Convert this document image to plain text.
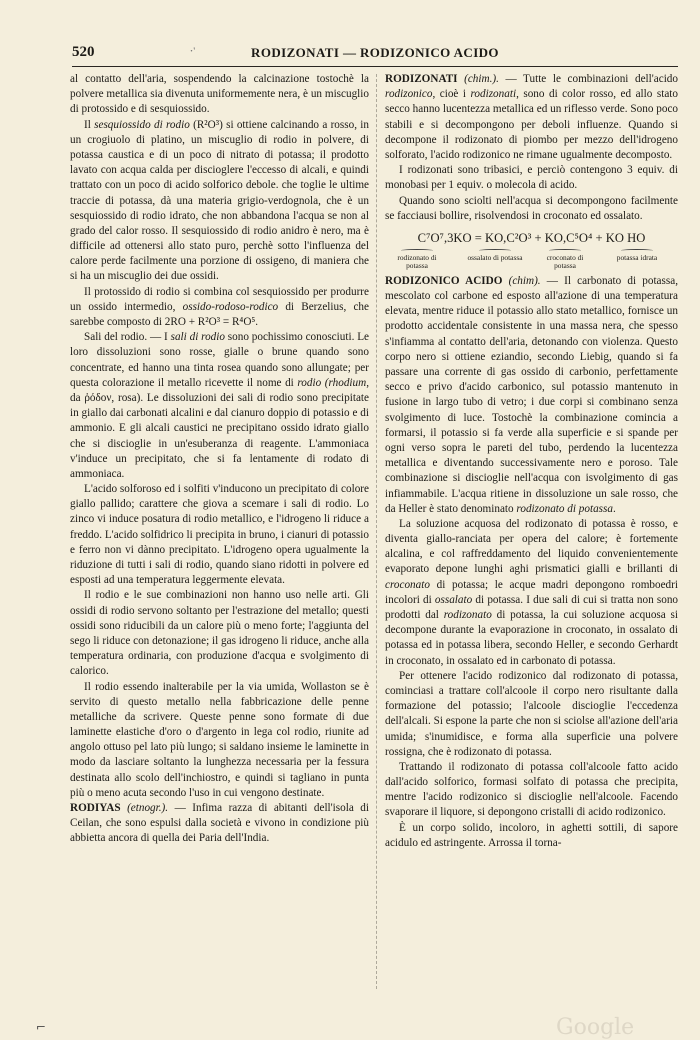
520	·'	RODIZONATI — RODIZONICO ACIDO

al contatto dell'aria, sospendendo la calcinazione tostochè la polvere metallica sia divenuta uniformemente nera, è un miscuglio di protossido e di sesquiossido.

Il sesquiossido di rodio (R²O³) si ottiene calcinando a rosso, in un crogiuolo di platino, un miscuglio di rodio in polvere, di potassa caustica e di un poco di nitrato di potassa; il prodotto lavato con acqua calda per discioglere l'eccesso di alcali, e quindi trattato con un poco di acido solforico debole. che toglie le ultime traccie di potassa, dà una materia grigio-verdognola, che è un sesquiossido di rodio idrato, che non abbandona l'acqua se non al grado del calor rosso. Il sesquiossido di rodio anidro è nero, ma è difficile ad ottenersi allo stato puro, perchè sotto l'influenza del calore perde facilmente una porzione di ossigeno, di maniera che si ha un miscuglio dei due ossidi.

Il protossido di rodio si combina col sesquiossido per produrre un ossido intermedio, ossido-rodoso-rodico di Berzelius, che sarebbe composto di 2RO + R²O³ = R⁴O⁵.

Sali del rodio. — I sali di rodio sono pochissimo conosciuti. Le loro dissoluzioni sono rosse, gialle o brune quando sono concentrate, ed hanno una tinta rosea quando sono allungate; per questa colorazione il metallo ricevette il nome di rodio (rhodium, da ῥόδον, rosa). Le dissoluzioni dei sali di rodio sono precipitate in giallo dai carbonati alcalini e dal cianuro doppio di potassio e di ammonio. E gli alcali caustici ne precipitano ossido idrato giallo che si discioglie in un'esuberanza di reagente. L'ammoniaca v'induce un precipitato, che si fa lentamente di rodato di ammoniaca.

L'acido solforoso ed i solfiti v'inducono un precipitato di colore giallo pallido; carattere che giova a scemare i sali di rodio. Lo zinco vi induce posatura di rodio metallico, e l'idrogeno li riduce a freddo. L'acido solfidrico li precipita in bruno, i cianuri di potassio e ferro non vi dànno precipitato. L'idrogeno opera ugualmente la riduzione di tutti i sali di rodio, quando siano ridotti in polvere ed esposti ad una temperatura leggermente elevata.

Il rodio e le sue combinazioni non hanno uso nelle arti. Gli ossidi di rodio servono soltanto per l'estrazione del metallo; questi ossidi sono riducibili da un calore più o meno forte; l'aggiunta del sego li riduce con detonazione; il gas idrogeno li riduce, anche alla temperatura ordinaria, con produzione d'acqua e svolgimento di calorico.

Il rodio essendo inalterabile per la via umida, Wollaston se è servito di questo metallo nella fabbricazione delle penne metalliche da scrivere. Queste penne sono formate di due laminette elastiche d'oro o d'argento in lega col rodio, riunite ad angolo ottuso pel lato più lungo; si saldano insieme le laminette in modo da lasciare soltanto la lunghezza necessaria per la fessura destinata allo scolo dell'inchiostro, e quindi si tagliano in punta più o meno acuta secondo l'uso in cui vengono destinate.

RODIYAS (etnogr.). — Infima razza di abitanti dell'isola di Ceilan, che sono espulsi dalla società e vivono in condizione più abbietta ancora di quella dei Paria dell'India.

RODIZONATI (chim.). — Tutte le combinazioni dell'acido rodizonico, cioè i rodizonati, sono di color rosso, ed allo stato secco hanno lucentezza metallica ed un riflesso verde. Sono poco stabili e si decompongono per deboli influenze. Quando si decompone il rodizonato di piombo per mezzo dell'idrogeno solforato, l'acido rodizonico ne rimane ugualmente decomposto.

I rodizonati sono tribasici, e perciò contengono 3 equiv. di monobasi per 1 equiv. o molecola di acido.

Quando sono sciolti nell'acqua si decompongono facilmente se facciausi bollire, risolvendosi in croconato ed ossalato.

C⁷O⁷,3KO = KO,C²O³ + KO,C⁵O⁴ + KO HO
rodizonato di potassa
ossalato di potassa	croconato di potassa
potassa idrata

RODIZONICO ACIDO (chim). — Il carbonato di potassa, mescolato col carbone ed esposto all'azione di una temperatura elevata, mentre riduce il potassio allo stato metallico, fornisce un prodotto accidentale consistente in una massa nera, che spesso s'infiamma al contatto dell'aria, detonando con violenza. Questo corpo nero si ottiene eziandio, secondo Liebig, quando si fa passare una corrente di gas ossido di carbonio, perfettamente secco e privo d'acido carbonico, sul potassio mantenuto in fusione in largo tubo di vetro; i due corpi si combinano senza svolgimento di luce. Tostochè la combinazione comincia a formarsi, il potassio si fa verde alla superficie e si spande per ogni verso sopra le pareti del tubo, perdendo la lucentezza metallica e diventando successivamente nero e poroso. Tale combinazione si discioglie nell'acqua con isvolgimento di gas infiammabile. L'acqua ritiene in dissoluzione un sale rosso, che da Heller è stato denominato rodizonato di potassa.

La soluzione acquosa del rodizonato di potassa è rosso, e diventa giallo-ranciata per opera del calore; è fortemente alcalina, e col raffreddamento del liquido convenientemente evaporato depone lunghi aghi prismatici gialli e brillanti di croconato di potassa; le acque madri depongono romboedri incolori di ossalato di potassa. I due sali di cui si tratta non sono prodotti dal rodizonato di potassa, la cui soluzione acquosa si decompone durante la evaporazione in croconato, in ossalato di potassa ed in potassa libera, secondo Heller, e secondo Gerhardt in croconato, in ossalato ed in carbonato di potassa.

Per ottenere l'acido rodizonico dal rodizonato di potassa, cominciasi a trattare coll'alcoole il corpo nero risultante dalla formazione del potassio; l'alcoole discioglie l'eccedenza dell'alcali. Si espone la parte che non si sciolse all'azione dell'aria umida; s'inumidisce, e forma alla superficie una polvere rossigna, che è rodizonato di potassa.

Trattando il rodizonato di potassa coll'alcoole fatto acido dall'acido solforico, formasi solfato di potassa che precipita, mentre l'acido rodizonico si discioglie nell'alcoole. Facendo svaporare il liquore, si depongono cristalli di acido rodizonico.

È un corpo solido, incoloro, in aghetti sottili, di sapore acidulo ed astringente. Arrossa il torna-

⌐	Google
